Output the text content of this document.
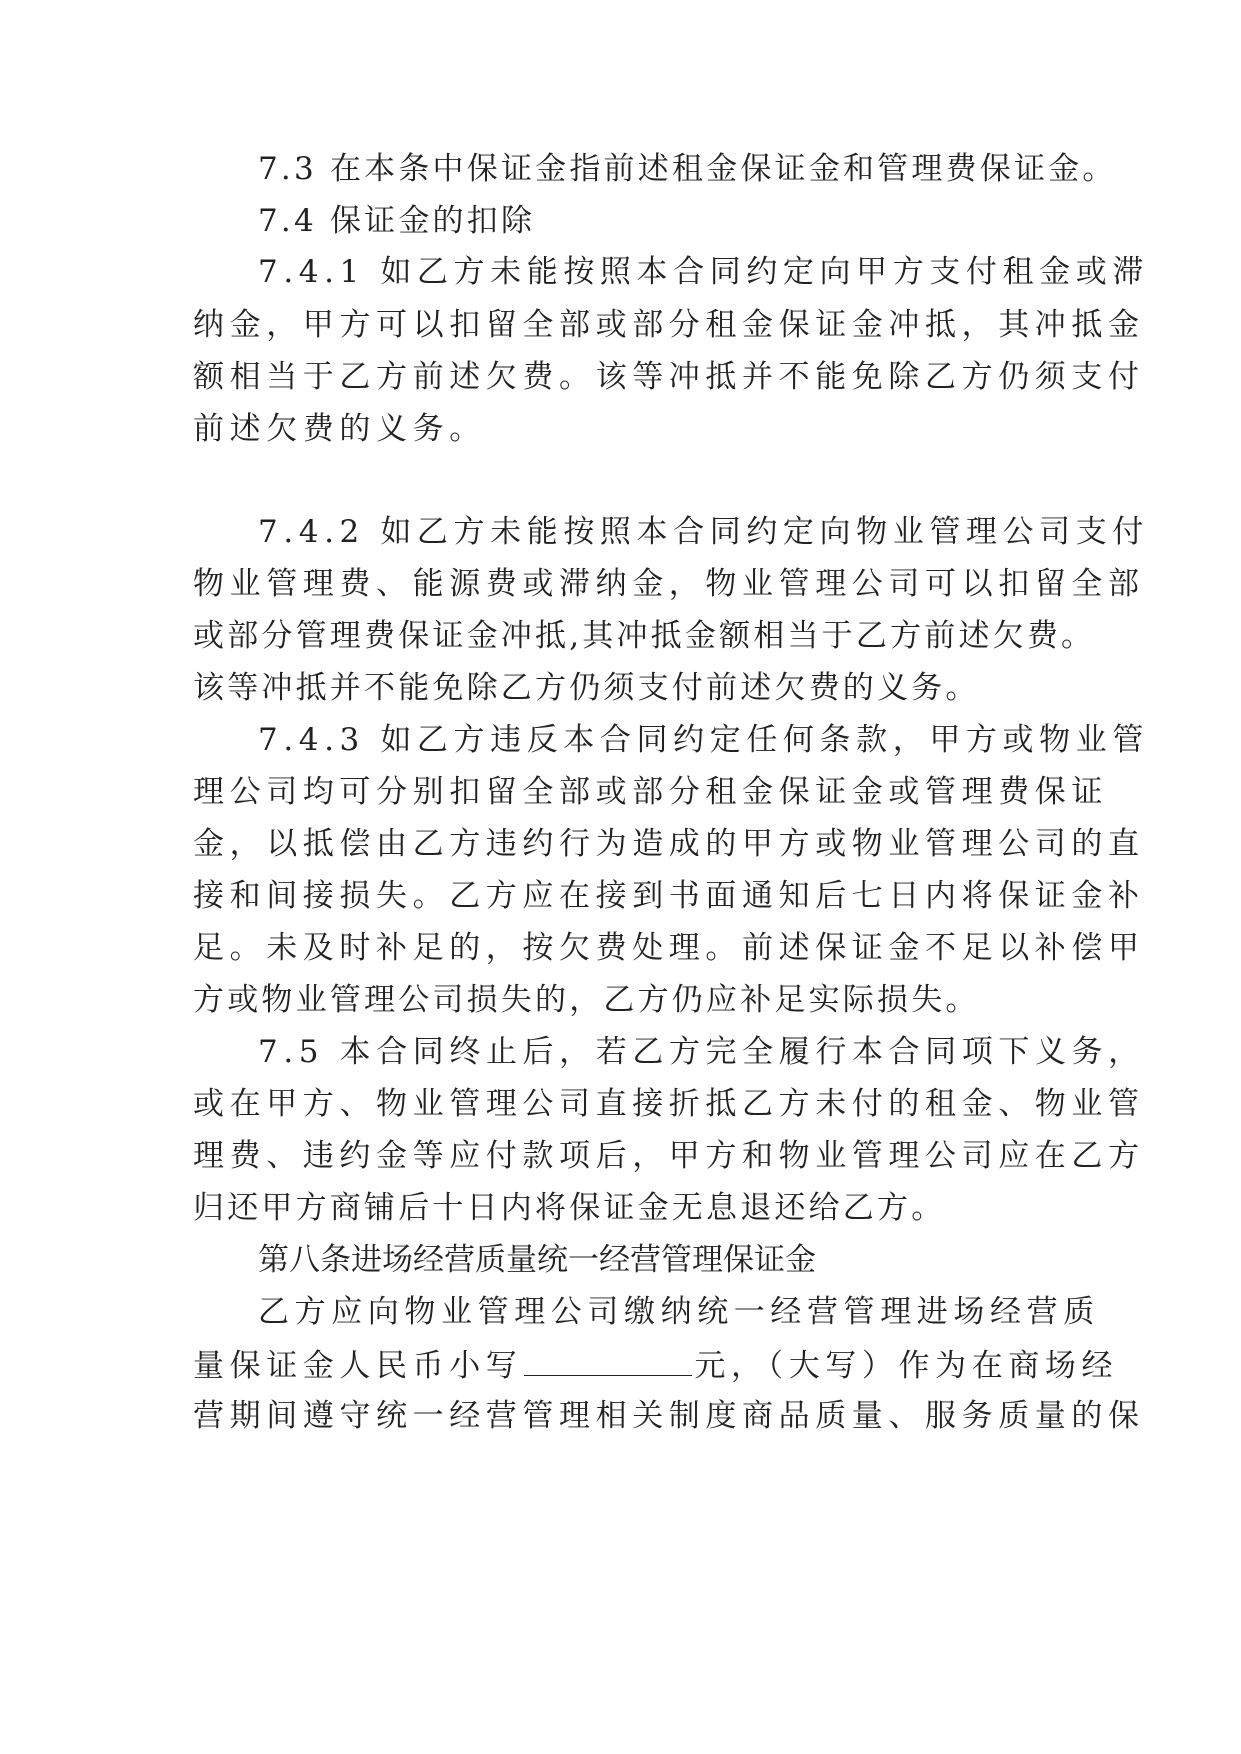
7.3 在本条中保证金指前述租金保证金和管理费保证金。
7.4 保证金的扣除
7.4.1 如乙方未能按照本合同约定向甲方支付租金或滞
纳金，甲方可以扣留全部或部分租金保证金冲抵，其冲抵金
额相当于乙方前述欠费。该等冲抵并不能免除乙方仍须支付
前述欠费的义务。
7.4.2 如乙方未能按照本合同约定向物业管理公司支付
物业管理费、能源费或滞纳金，物业管理公司可以扣留全部
或部分管理费保证金冲抵,其冲抵金额相当于乙方前述欠费。
该等冲抵并不能免除乙方仍须支付前述欠费的义务。
7.4.3 如乙方违反本合同约定任何条款，甲方或物业管
理公司均可分别扣留全部或部分租金保证金或管理费保证
金，以抵偿由乙方违约行为造成的甲方或物业管理公司的直
接和间接损失。乙方应在接到书面通知后七日内将保证金补
足。未及时补足的，按欠费处理。前述保证金不足以补偿甲
方或物业管理公司损失的，乙方仍应补足实际损失。
7.5 本合同终止后，若乙方完全履行本合同项下义务，
或在甲方、物业管理公司直接折抵乙方未付的租金、物业管
理费、违约金等应付款项后，甲方和物业管理公司应在乙方
归还甲方商铺后十日内将保证金无息退还给乙方。
第八条进场经营质量统一经营管理保证金
乙方应向物业管理公司缴纳统一经营管理进场经营质
量保证金人民币小写	元，（大写）作为在商场经
营期间遵守统一经营管理相关制度商品质量、服务质量的保
